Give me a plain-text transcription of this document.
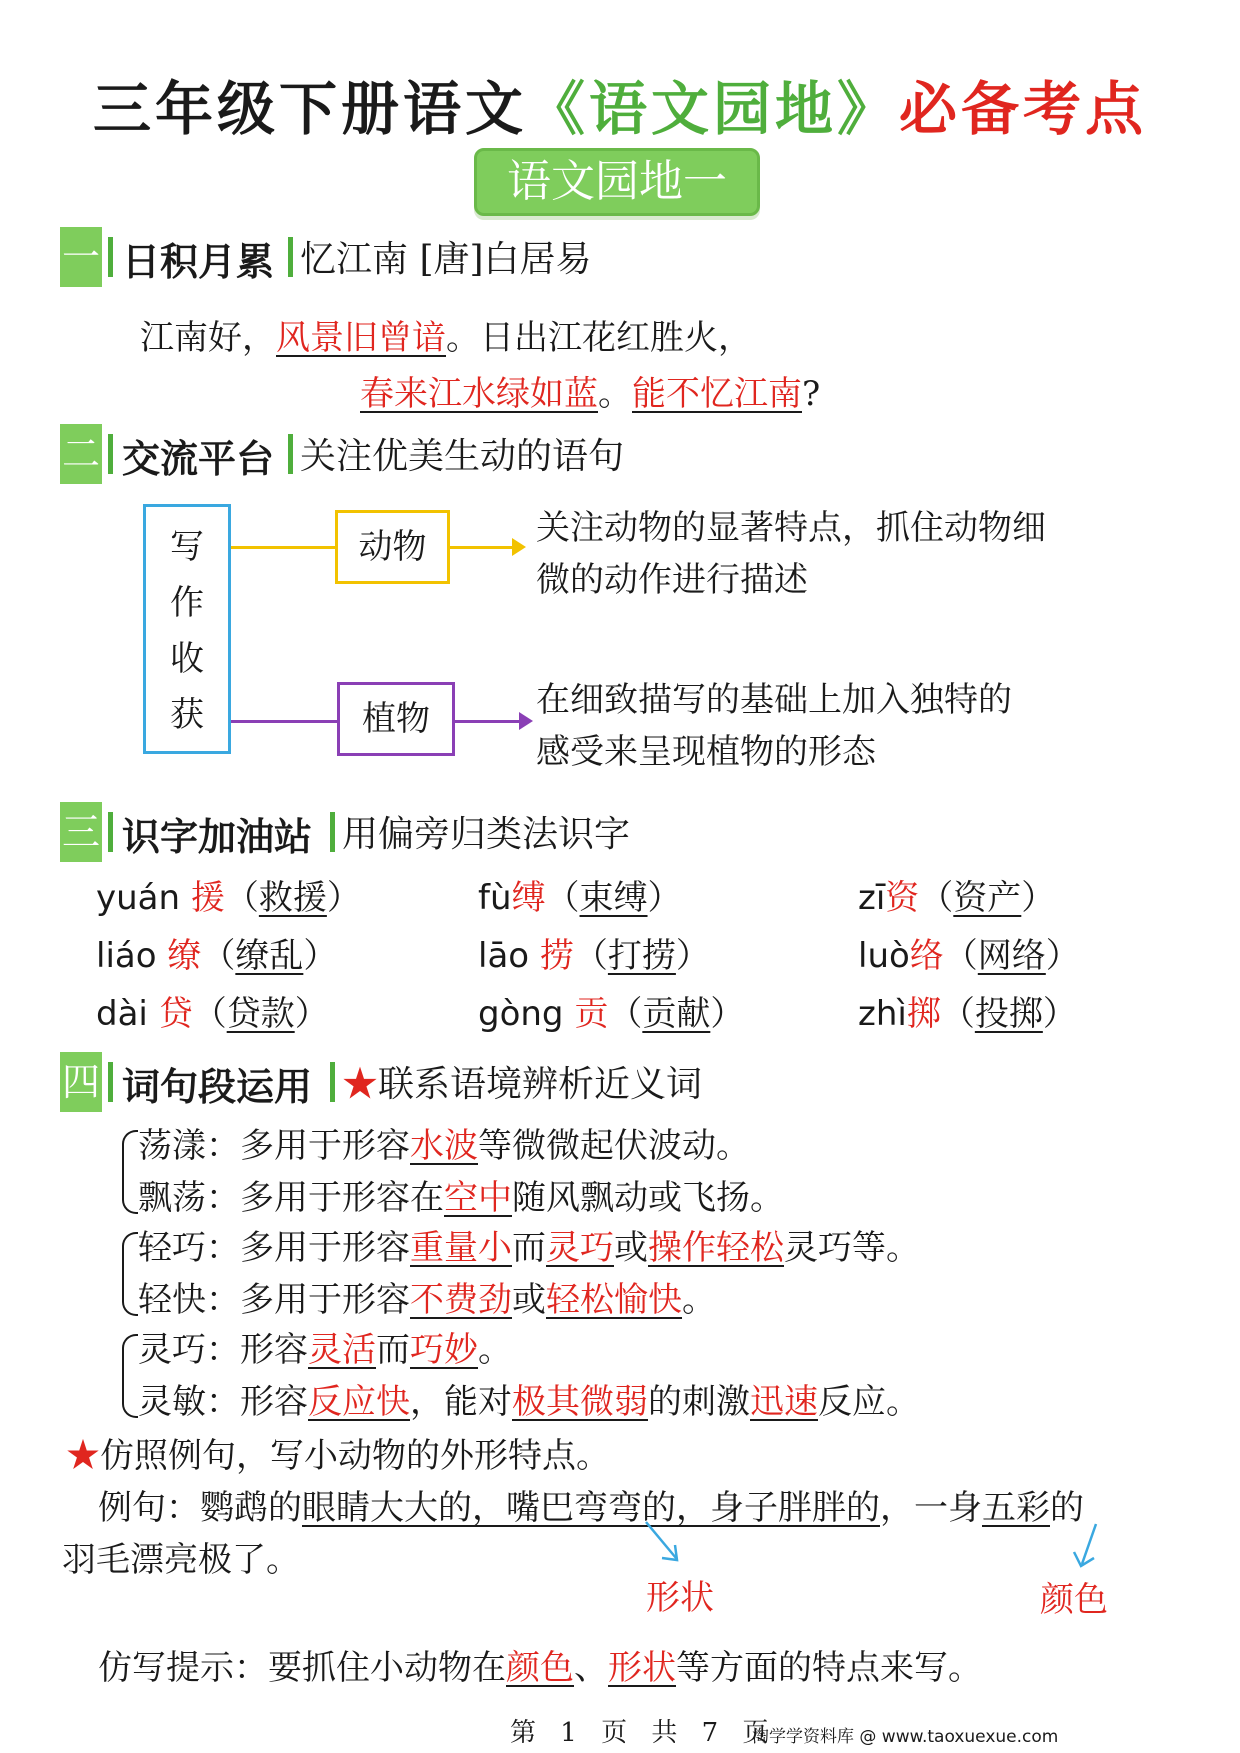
三年级下册语文《语文园地》必备考点
语文园地一
一 日积月累 忆江南 [唐]白居易
江南好，风景旧曾谙。日出江花红胜火，
春来江水绿如蓝。能不忆江南?
二 交流平台 关注优美生动的语句
写
作
收
获
动物	关注动物的显著特点，抓住动物细
微的动作进行描述
植物	在细致描写的基础上加入独特的
感受来呈现植物的形态
三 识字加油站 用偏旁归类法识字
yuán 援（救援）	fù缚（束缚）	zī资（资产）
liáo 缭（缭乱）	lāo 捞（打捞）	luò络（网络）
dài 贷（贷款）	gòng 贡（贡献）	zhì掷（投掷）
四 词句段运用 ★联系语境辨析近义词
荡漾：多用于形容水波等微微起伏波动。
飘荡：多用于形容在空中随风飘动或飞扬。
轻巧：多用于形容重量小而灵巧或操作轻松灵巧等。
轻快：多用于形容不费劲或轻松愉快。
灵巧：形容灵活而巧妙。
灵敏：形容反应快，能对极其微弱的刺激迅速反应。
★仿照例句，写小动物的外形特点。
例句：鹦鹉的眼睛大大的，嘴巴弯弯的，身子胖胖的，一身五彩的
羽毛漂亮极了。
形状	颜色
仿写提示：要抓住小动物在颜色、形状等方面的特点来写。
第 1 页 共 7 页
淘学学资料库 @ www.taoxuexue.com
